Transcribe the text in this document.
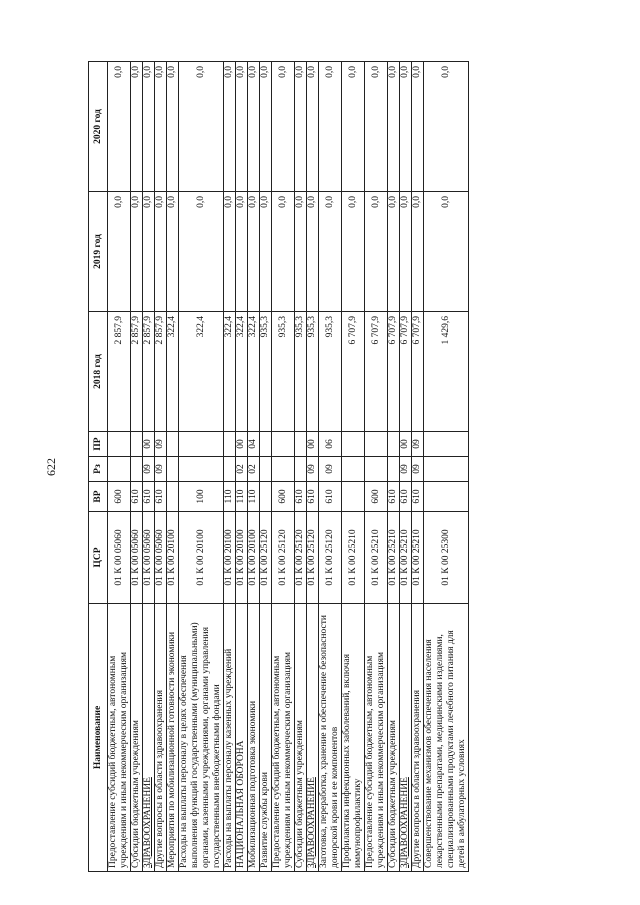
622
Наименование	ЦСР	ВР	Рз	ПР	2018 год	2019 год	2020 год
Предоставление субсидий бюджетным, автономным учреждениям и иным некоммерческим организациям	01 К 00 05060	600			2 857,9	0,0	0,0
Субсидии бюджетным учреждениям	01 К 00 05060	610			2 857,9	0,0	0,0
ЗДРАВООХРАНЕНИЕ	01 К 00 05060	610	09	00	2 857,9	0,0	0,0
Другие вопросы в области здравоохранения	01 К 00 05060	610	09	09	2 857,9	0,0	0,0
Мероприятия по мобилизационной готовности экономики	01 К 00 20100				322,4	0,0	0,0
Расходы на выплаты персоналу в целях обеспечения выполнения функций государственными (муниципальными) органами, казенными учреждениями, органами управления государственными внебюджетными фондами	01 К 00 20100	100			322,4	0,0	0,0
Расходы на выплаты персоналу казенных учреждений	01 К 00 20100	110			322,4	0,0	0,0
НАЦИОНАЛЬНАЯ ОБОРОНА	01 К 00 20100	110	02	00	322,4	0,0	0,0
Мобилизационная подготовка экономики	01 К 00 20100	110	02	04	322,4	0,0	0,0
Развитие службы крови	01 К 00 25120				935,3	0,0	0,0
Предоставление субсидий бюджетным, автономным учреждениям и иным некоммерческим организациям	01 К 00 25120	600			935,3	0,0	0,0
Субсидии бюджетным учреждениям	01 К 00 25120	610			935,3	0,0	0,0
ЗДРАВООХРАНЕНИЕ	01 К 00 25120	610	09	00	935,3	0,0	0,0
Заготовка, переработка, хранение и обеспечение безопасности донорской крови и ее компонентов	01 К 00 25120	610	09	06	935,3	0,0	0,0
Профилактика инфекционных заболеваний, включая иммунопрофилактику	01 К 00 25210				6 707,9	0,0	0,0
Предоставление субсидий бюджетным, автономным учреждениям и иным некоммерческим организациям	01 К 00 25210	600			6 707,9	0,0	0,0
Субсидии бюджетным учреждениям	01 К 00 25210	610			6 707,9	0,0	0,0
ЗДРАВООХРАНЕНИЕ	01 К 00 25210	610	09	00	6 707,9	0,0	0,0
Другие вопросы в области здравоохранения	01 К 00 25210	610	09	09	6 707,9	0,0	0,0
Совершенствование механизмов обеспечения населения лекарственными препаратами, медицинскими изделиями, специализированными продуктами лечебного питания для детей в амбулаторных условиях	01 К 00 25300				1 429,6	0,0	0,0
